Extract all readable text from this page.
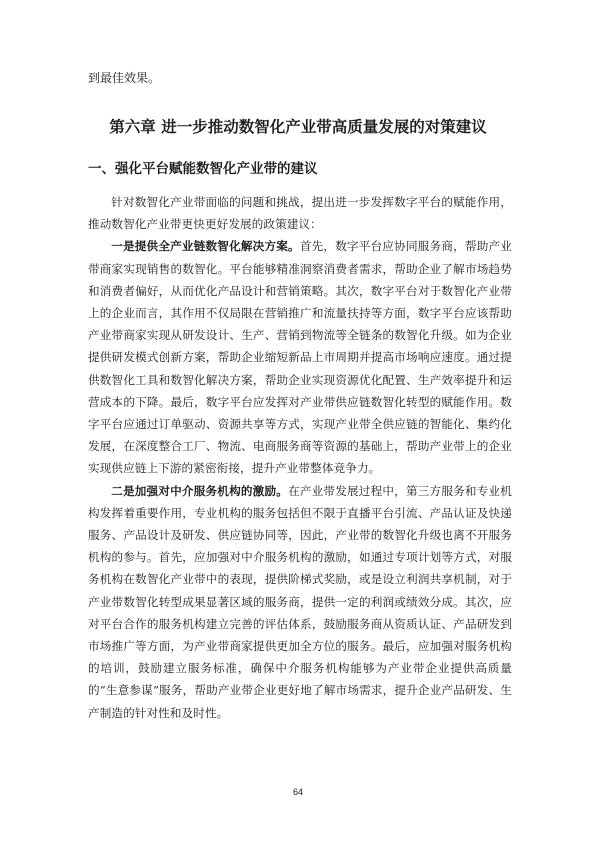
到最佳效果。

第六章 进一步推动数智化产业带高质量发展的对策建议
一、强化平台赋能数智化产业带的建议

针对数智化产业带面临的问题和挑战，提出进一步发挥数字平台的赋能作用，推动数智化产业带更快更好发展的政策建议：

一是提供全产业链数智化解决方案。首先，数字平台应协同服务商，帮助产业带商家实现销售的数智化。平台能够精准洞察消费者需求，帮助企业了解市场趋势和消费者偏好，从而优化产品设计和营销策略。其次，数字平台对于数智化产业带上的企业而言，其作用不仅局限在营销推广和流量扶持等方面，数字平台应该帮助产业带商家实现从研发设计、生产、营销到物流等全链条的数智化升级。如为企业提供研发模式创新方案，帮助企业缩短新品上市周期并提高市场响应速度。通过提供数智化工具和数智化解决方案，帮助企业实现资源优化配置、生产效率提升和运营成本的下降。最后，数字平台应发挥对产业带供应链数智化转型的赋能作用。数字平台应通过订单驱动、资源共享等方式，实现产业带全供应链的智能化、集约化发展，在深度整合工厂、物流、电商服务商等资源的基础上，帮助产业带上的企业实现供应链上下游的紧密衔接，提升产业带整体竞争力。

二是加强对中介服务机构的激励。在产业带发展过程中，第三方服务和专业机构发挥着重要作用，专业机构的服务包括但不限于直播平台引流、产品认证及快递服务、产品设计及研发、供应链协同等，因此，产业带的数智化升级也离不开服务机构的参与。首先，应加强对中介服务机构的激励，如通过专项计划等方式，对服务机构在数智化产业带中的表现，提供阶梯式奖励，或是设立利润共享机制，对于产业带数智化转型成果显著区域的服务商，提供一定的利润或绩效分成。其次，应对平台合作的服务机构建立完善的评估体系，鼓励服务商从资质认证、产品研发到市场推广等方面，为产业带商家提供更加全方位的服务。最后，应加强对服务机构的培训，鼓励建立服务标准，确保中介服务机构能够为产业带企业提供高质量的“生意参谋”服务，帮助产业带企业更好地了解市场需求，提升企业产品研发、生产制造的针对性和及时性。

64
